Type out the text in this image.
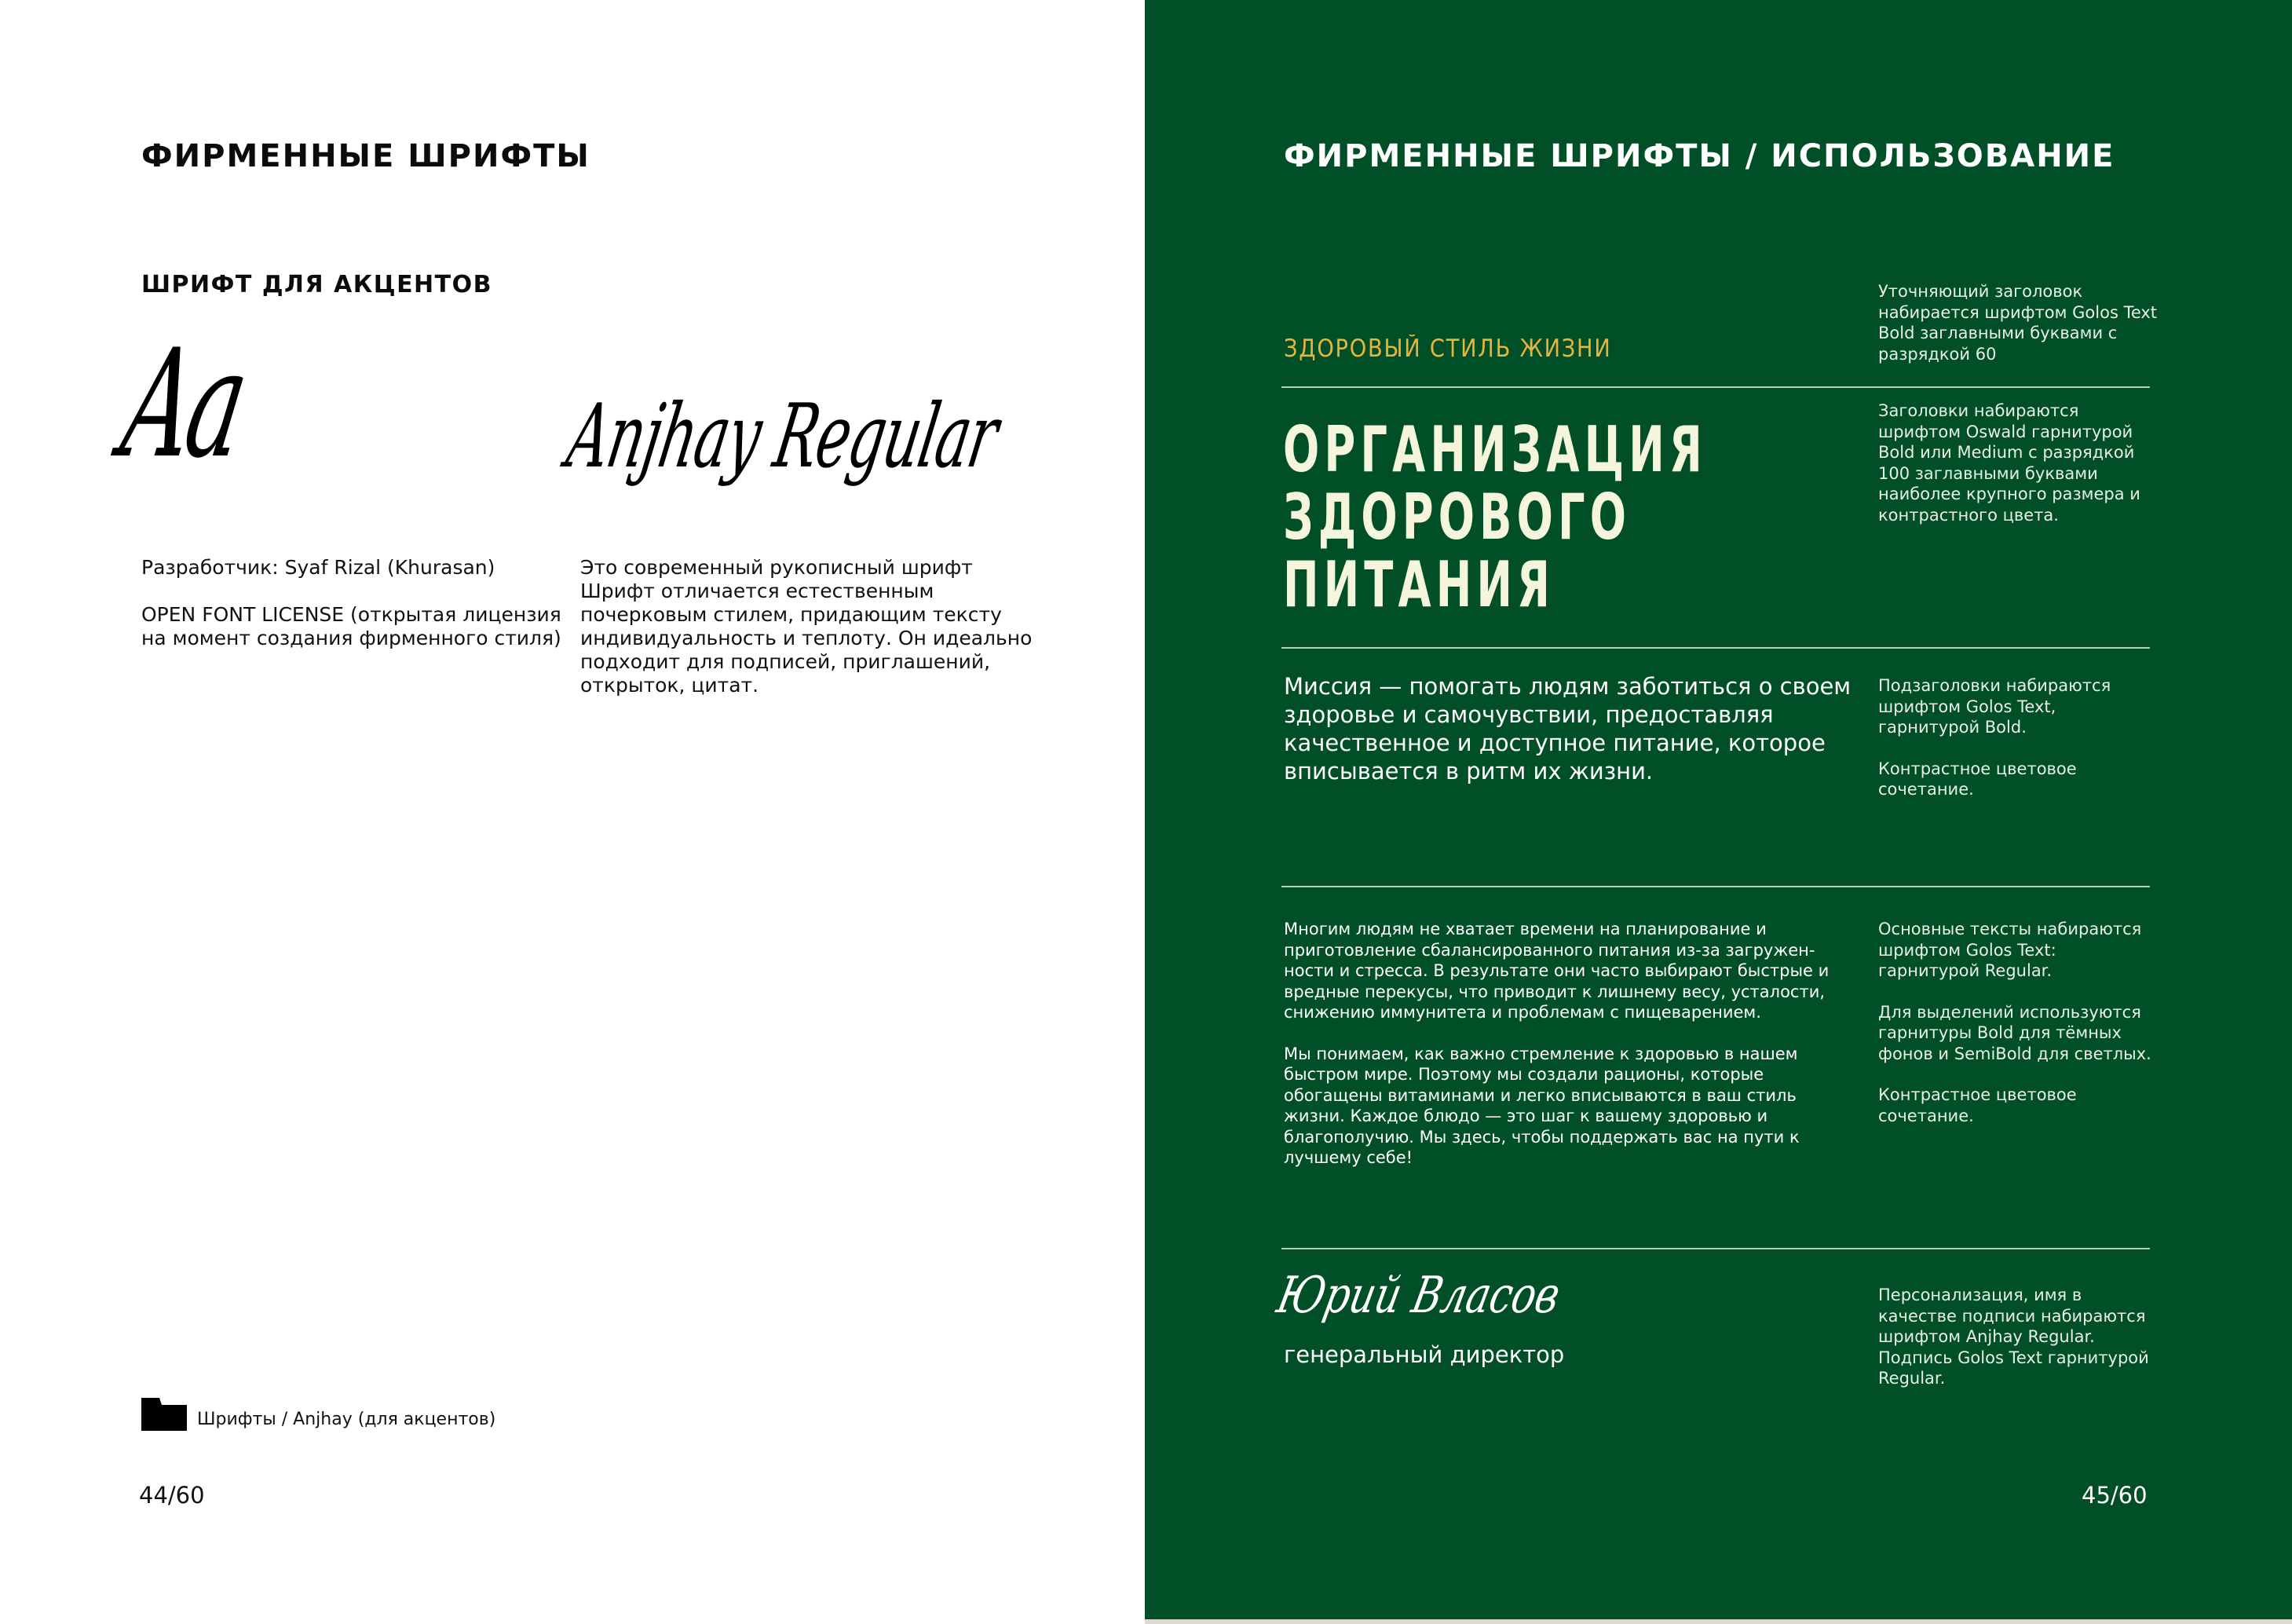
ФИРМЕННЫЕ ШРИФТЫ
ШРИФТ ДЛЯ АКЦЕНТОВ
Aa	Anjhay Regular

Разработчик: Syaf Rizal (Khurasan)

OPEN FONT LICENSE (открытая лицензия на момент создания фирменного стиля)

Это современный рукописный шрифт Шрифт отличается естественным почерковым стилем, придающим тексту индивидуальность и теплоту. Он идеально подходит для подписей, приглашений, открыток, цитат.
Шрифты / Anjhay (для акцентов)
44/60
ФИРМЕННЫЕ ШРИФТЫ / ИСПОЛЬЗОВАНИЕ
ЗДОРОВЫЙ СТИЛЬ ЖИЗНИ
Уточняющий заголовок набирается шрифтом Golos Text Bold заглавными буквами с разрядкой 60
ОРГАНИЗАЦИЯ
ЗДОРОВОГО
ПИТАНИЯ
Заголовки набираются шрифтом Oswald гарнитурой Bold или Medium с разрядкой 100 заглавными буквами наиболее крупного размера и контрастного цвета.
Миссия — помогать людям заботиться о своем здоровье и самочувствии, предоставляя качественное и доступное питание, которое вписывается в ритм их жизни.

Подзаголовки набираются шрифтом Golos Text, гарнитурой Bold.

Контрастное цветовое сочетание.

Многим людям не хватает времени на планирование и приготовление сбалансированного питания из-за загружен-ности и стресса. В результате они часто выбирают быстрые и вредные перекусы, что приводит к лишнему весу, усталости, снижению иммунитета и проблемам с пищеварением.

Мы понимаем, как важно стремление к здоровью в нашем быстром мире. Поэтому мы создали рационы, которые обогащены витаминами и легко вписываются в ваш стиль жизни. Каждое блюдо — это шаг к вашему здоровью и благополучию. Мы здесь, чтобы поддержать вас на пути к лучшему себе!

Основные тексты набираются шрифтом Golos Text: гарнитурой Regular.

Для выделений используются гарнитуры Bold для тёмных фонов и SemiBold для светлых.

Контрастное цветовое сочетание.

Юрий Власов
генеральный директор
Персонализация, имя в качестве подписи набираются шрифтом Anjhay Regular. Подпись Golos Text гарнитурой Regular.
45/60
